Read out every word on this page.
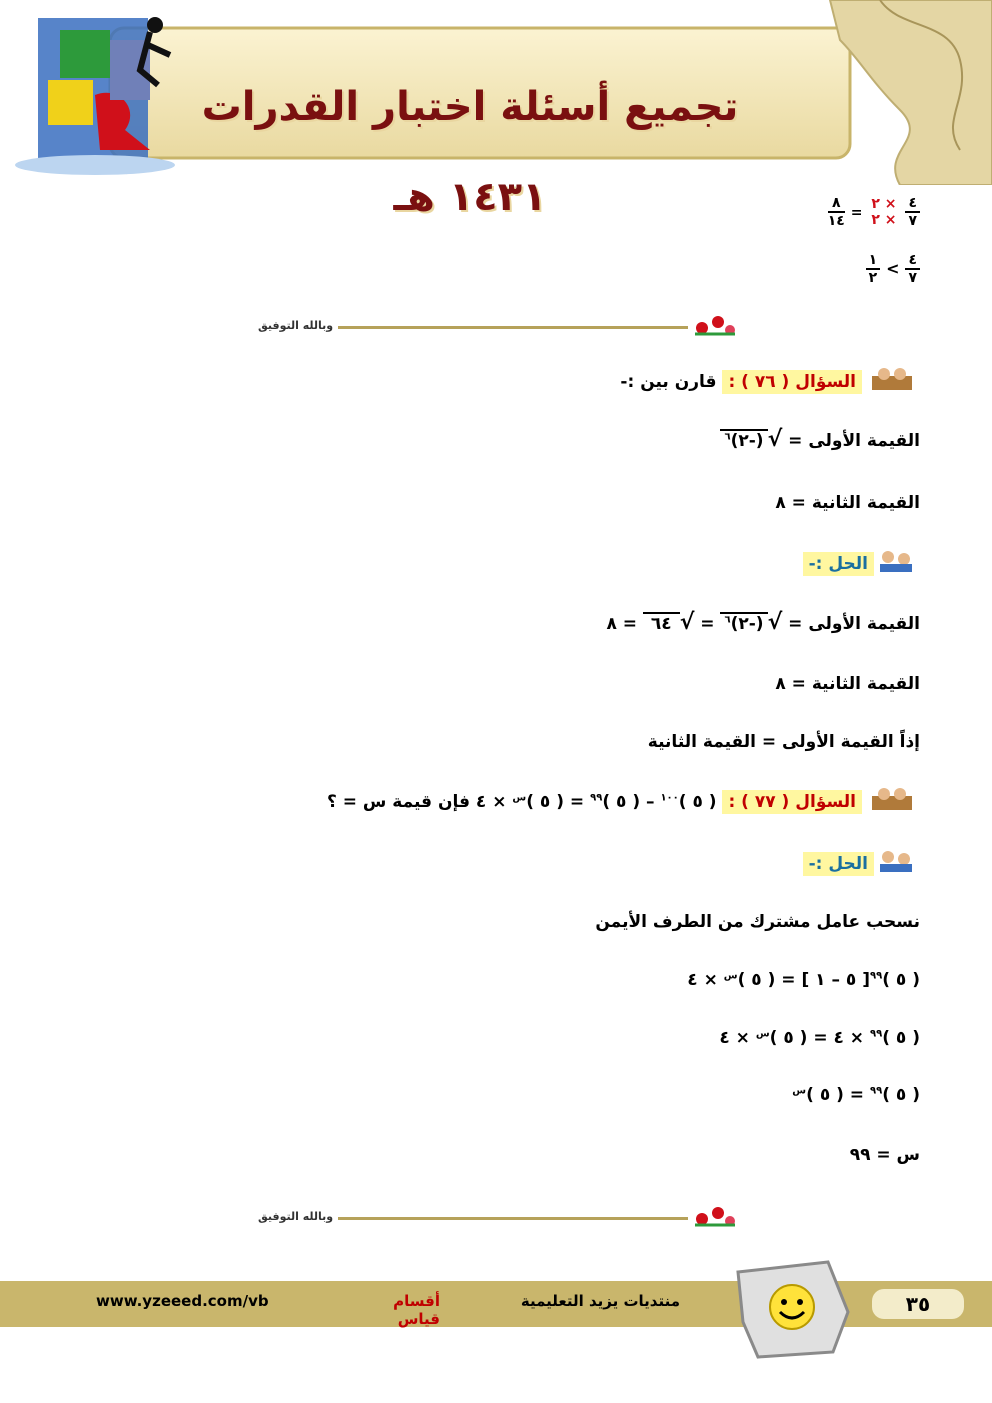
تجميع أسئلة اختبار القدرات ١٤٣١ هـ	$\frac{٤}{٧}$
× ٢
× ٢ =
$\frac{٨}{١٤}$
$\frac{٤}{٧}$ >
$\frac{١}{٢}$
وبالله التوفيق
السؤال ( ٧٦ ) : قارن بين :-
القيمة الأولى = √(-٢)$^٦$
القيمة الثانية = ٨
الحل :-
القيمة الأولى = √(-٢)$^٦$ = √٦٤ = ٨
القيمة الثانية = ٨
إذاً القيمة الأولى = القيمة الثانية
السؤال ( ٧٧ ) : ( ٥ )$^{١٠٠}$ – ( ٥ )$^{٩٩}$ = ( ٥ )$^س$ × ٤ فإن قيمة س = ؟
الحل :-
نسحب عامل مشترك من الطرف الأيمن
( ٥ )$^{٩٩}$[ ٥ – ١ ] = ( ٥ )$^س$ × ٤
( ٥ )$^{٩٩}$ × ٤ = ( ٥ )$^س$ × ٤
( ٥ )$^{٩٩}$ = ( ٥ )$^س$
س = ٩٩
وبالله التوفيق
٣٥
منتديات يزيد التعليمية
أقسام قياس
www.yzeeed.com/vb
